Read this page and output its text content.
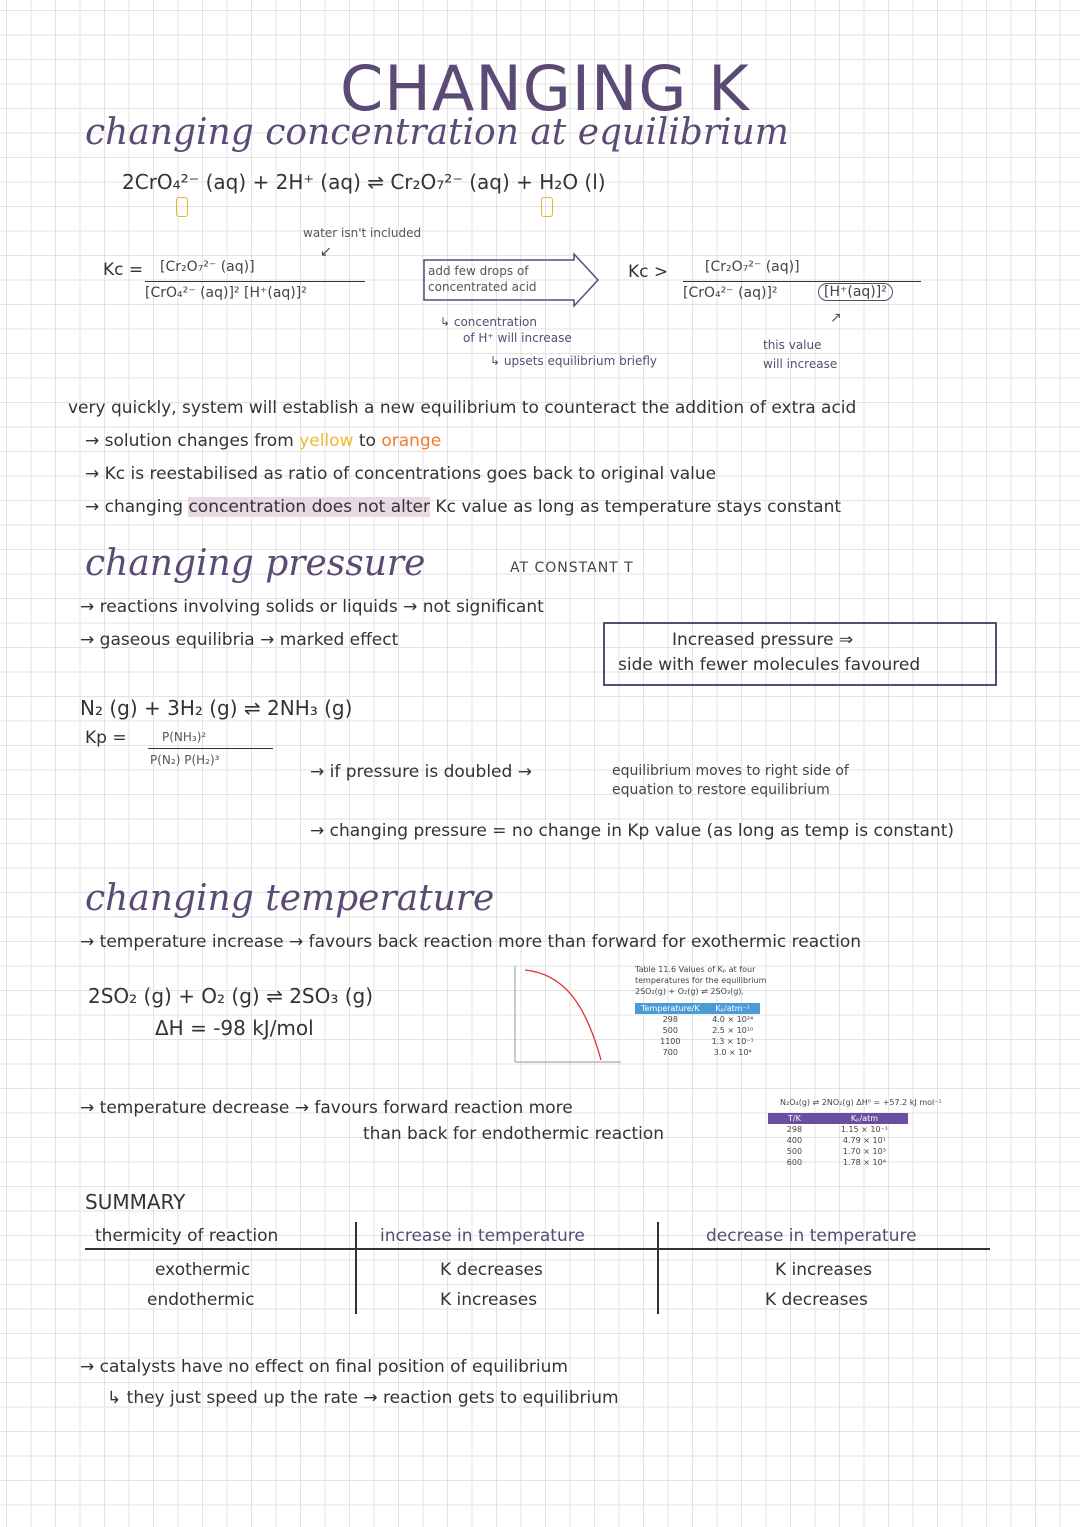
CHANGING K
changing concentration at equilibrium
2CrO₄²⁻ (aq) + 2H⁺ (aq) ⇌ Cr₂O₇²⁻ (aq) + H₂O (l)
water isn't included
↙
Kc = [Cr₂O₇²⁻ (aq)]
[CrO₄²⁻ (aq)]² [H⁺(aq)]²
add few drops of
concentrated acid
↳ concentration
of H⁺ will increase
↳ upsets equilibrium briefly
Kc >	[Cr₂O₇²⁻ (aq)]
[CrO₄²⁻ (aq)]²	[H⁺(aq)]²
↗
this value
will increase
very quickly, system will establish a new equilibrium to counteract the addition of extra acid
→ solution changes from yellow to orange
→ Kc is reestabilised as ratio of concentrations goes back to original value
→ changing concentration does not alter Kc value as long as temperature stays constant
changing pressure	AT CONSTANT T
→ reactions involving solids or liquids → not significant
→ gaseous equilibria → marked effect	Increased pressure ⇒
side with fewer molecules favoured
N₂ (g) + 3H₂ (g) ⇌ 2NH₃ (g)
Kp =	P(NH₃)²
P(N₂) P(H₂)³
→ if pressure is doubled →	equilibrium moves to right side of
equation to restore equilibrium
→ changing pressure = no change in Kp value (as long as temp is constant)
changing temperature
→ temperature increase → favours back reaction more than forward for exothermic reaction
2SO₂ (g) + O₂ (g) ⇌ 2SO₃ (g)
ΔH = -98 kJ/mol
Table 11.6 Values of Kₚ at four
temperatures for the equilibrium
2SO₂(g) + O₂(g) ⇌ 2SO₃(g).
Temperature/K	Kₚ/atm⁻¹
298	4.0 × 10²⁴
500	2.5 × 10¹⁰
1100	1.3 × 10⁻¹
700	3.0 × 10⁴
→ temperature decrease → favours forward reaction more
than back for endothermic reaction
N₂O₄(g) ⇌ 2NO₂(g) ΔH⁰ = +57.2 kJ mol⁻¹
T/K	Kₚ/atm
298	1.15 × 10⁻¹
400	4.79 × 10¹
500	1.70 × 10³
600	1.78 × 10⁴
SUMMARY
thermicity of reaction	increase in temperature	decrease in temperature
exothermic	K decreases	K increases
endothermic	K increases	K decreases
→ catalysts have no effect on final position of equilibrium
↳ they just speed up the rate → reaction gets to equilibrium
